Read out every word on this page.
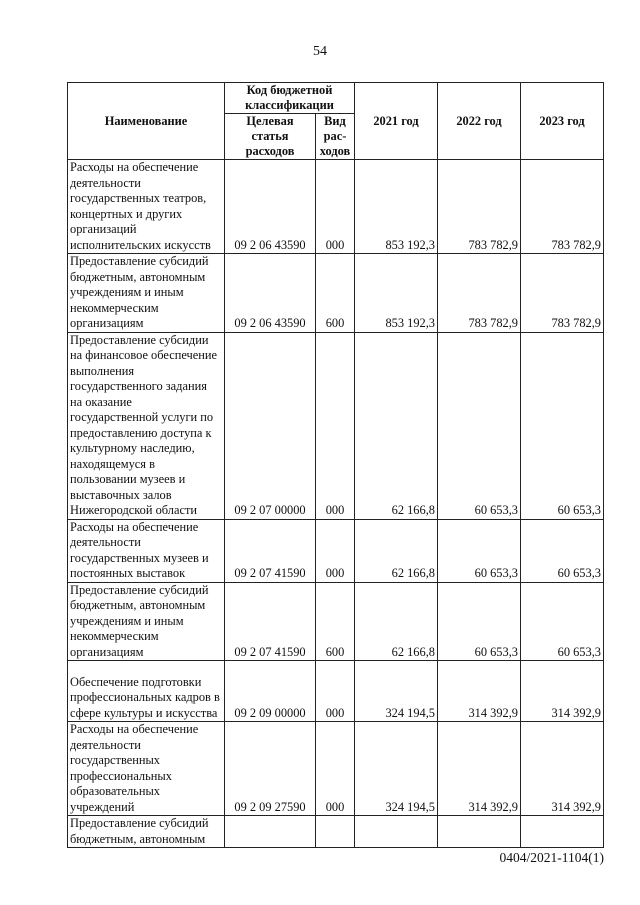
54
Наименование	Код бюджетной классификации		2021 год	2022 год	2023 год
	Целевая статья расходов	Вид рас-ходов			
Расходы на обеспечение деятельности государственных театров, концертных и других организаций исполнительских искусств	09 2 06 43590	000	853 192,3	783 782,9	783 782,9
Предоставление субсидий бюджетным, автономным учреждениям и иным некоммерческим организациям	09 2 06 43590	600	853 192,3	783 782,9	783 782,9
Предоставление субсидии на финансовое обеспечение выполнения государственного задания на оказание государственной услуги по предоставлению доступа к культурному наследию, находящемуся в пользовании музеев и выставочных залов Нижегородской области	09 2 07 00000	000	62 166,8	60 653,3	60 653,3
Расходы на обеспечение деятельности государственных музеев и постоянных выставок	09 2 07 41590	000	62 166,8	60 653,3	60 653,3
Предоставление субсидий бюджетным, автономным учреждениям и иным некоммерческим организациям	09 2 07 41590	600	62 166,8	60 653,3	60 653,3
Обеспечение подготовки профессиональных кадров в сфере культуры и искусства	09 2 09 00000	000	324 194,5	314 392,9	314 392,9
Расходы на обеспечение деятельности государственных профессиональных образовательных учреждений	09 2 09 27590	000	324 194,5	314 392,9	314 392,9
Предоставление субсидий бюджетным, автономным					
0404/2021-1104(1)
